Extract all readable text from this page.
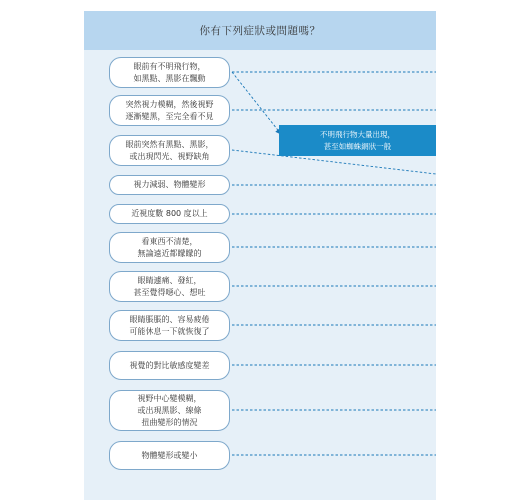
你有下列症狀或問題嗎？
眼前有不明飛行物，
如黑點、黑影在飄動
突然視力模糊，然後視野
逐漸變黑，至完全看不見
眼前突然有黑點、黑影，
或出現閃光、視野缺角
視力減弱、物體變形
近視度數 800 度以上
看東西不清楚，
無論遠近都矇矇的
眼睛遽痛、發紅，
甚至覺得噁心、想吐
眼睛脹脹的、容易疲倦
可能休息一下就恢復了
視覺的對比敏感度變差
視野中心變模糊，
或出現黑影、線條
扭曲變形的情況
物體變形或變小
不明飛行物大量出現，
甚至如蜘蛛網狀一般
